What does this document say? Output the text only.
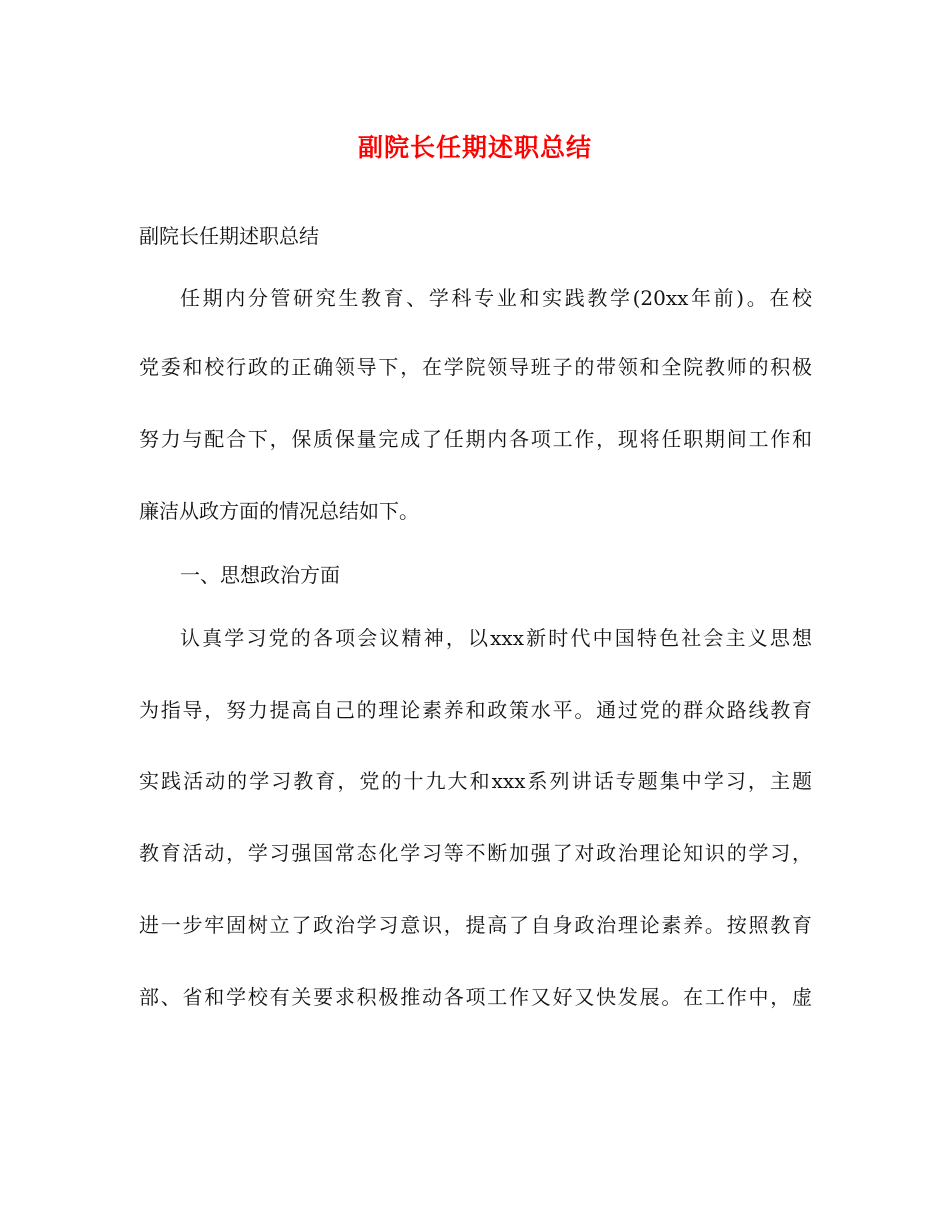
副院长任期述职总结
副院长任期述职总结
任期内分管研究生教育、学科专业和实践教学(20xx年前)。在校
党委和校行政的正确领导下，在学院领导班子的带领和全院教师的积极
努力与配合下，保质保量完成了任期内各项工作，现将任职期间工作和
廉洁从政方面的情况总结如下。
一、思想政治方面
认真学习党的各项会议精神，以xxx新时代中国特色社会主义思想
为指导，努力提高自己的理论素养和政策水平。通过党的群众路线教育
实践活动的学习教育，党的十九大和xxx系列讲话专题集中学习，主题
教育活动，学习强国常态化学习等不断加强了对政治理论知识的学习，
进一步牢固树立了政治学习意识，提高了自身政治理论素养。按照教育
部、省和学校有关要求积极推动各项工作又好又快发展。在工作中，虚
